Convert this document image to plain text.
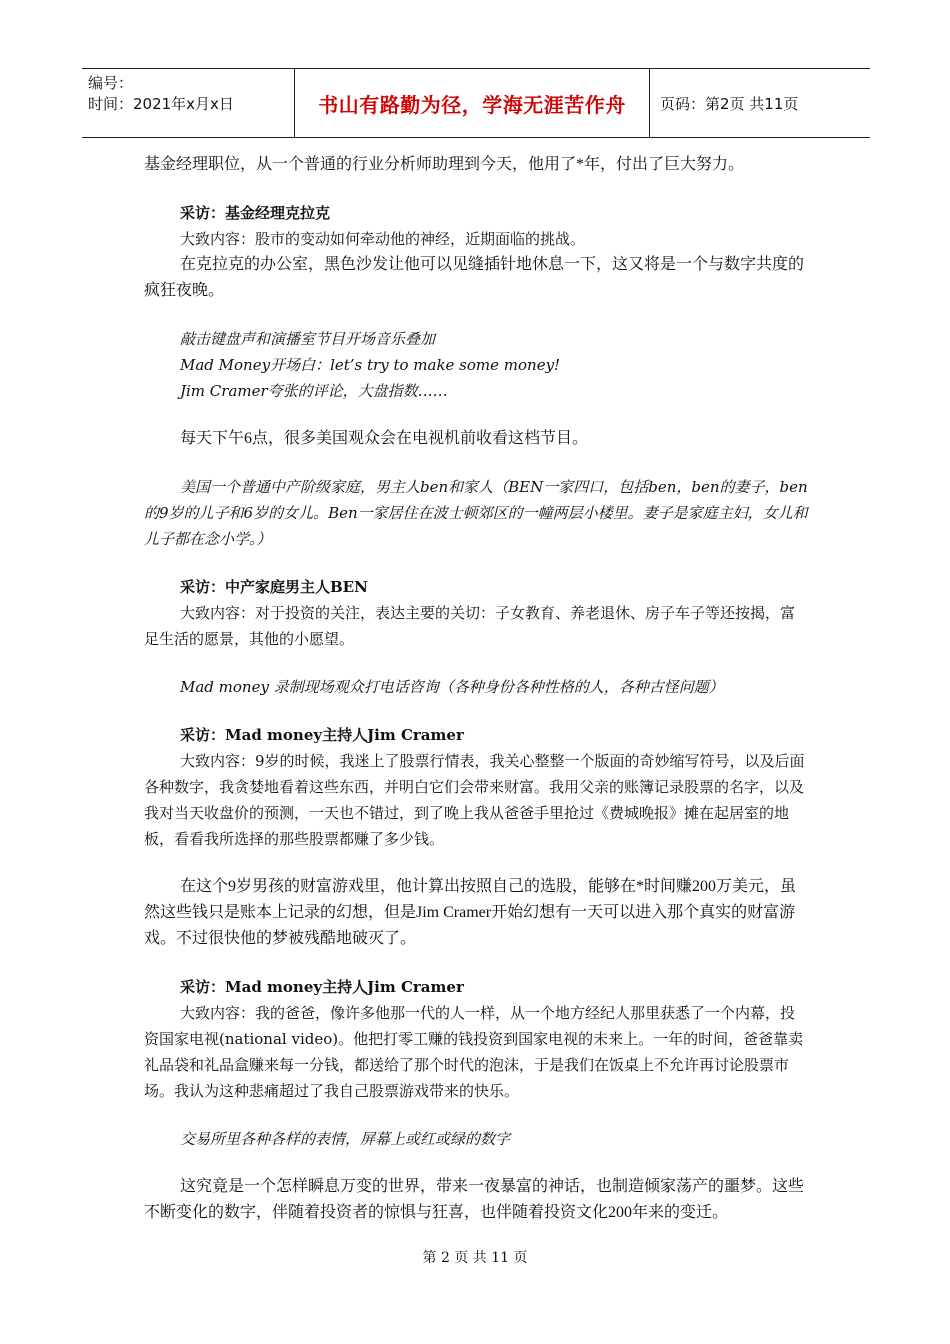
编号：
时间：2021年x月x日	书山有路勤为径，学海无涯苦作舟	页码：第2页 共11页

基金经理职位，从一个普通的行业分析师助理到今天，他用了*年，付出了巨大努力。

采访：基金经理克拉克

大致内容：股市的变动如何牵动他的神经，近期面临的挑战。

在克拉克的办公室，黑色沙发让他可以见缝插针地休息一下，这又将是一个与数字共度的疯狂夜晚。

敲击键盘声和演播室节目开场音乐叠加

Mad Money开场白：let’s try to make some money!

Jim Cramer夸张的评论，大盘指数……

每天下午6点，很多美国观众会在电视机前收看这档节目。

美国一个普通中产阶级家庭，男主人ben和家人（BEN一家四口，包括ben，ben的妻子，ben的9岁的儿子和6岁的女儿。Ben一家居住在波士顿郊区的一幢两层小楼里。妻子是家庭主妇，女儿和儿子都在念小学。）

采访：中产家庭男主人BEN

大致内容：对于投资的关注，表达主要的关切：子女教育、养老退休、房子车子等还按揭，富足生活的愿景，其他的小愿望。

Mad money 录制现场观众打电话咨询（各种身份各种性格的人，各种古怪问题）

采访：Mad money主持人Jim Cramer

大致内容：9岁的时候，我迷上了股票行情表，我关心整整一个版面的奇妙缩写符号，以及后面各种数字，我贪婪地看着这些东西，并明白它们会带来财富。我用父亲的账簿记录股票的名字，以及我对当天收盘价的预测，一天也不错过，到了晚上我从爸爸手里抢过《费城晚报》摊在起居室的地板，看看我所选择的那些股票都赚了多少钱。

在这个9岁男孩的财富游戏里，他计算出按照自己的选股，能够在*时间赚200万美元，虽然这些钱只是账本上记录的幻想，但是Jim Cramer开始幻想有一天可以进入那个真实的财富游戏。不过很快他的梦被残酷地破灭了。

采访：Mad money主持人Jim Cramer

大致内容：我的爸爸，像许多他那一代的人一样，从一个地方经纪人那里获悉了一个内幕，投资国家电视(national video)。他把打零工赚的钱投资到国家电视的未来上。一年的时间，爸爸靠卖礼品袋和礼品盒赚来每一分钱，都送给了那个时代的泡沫，于是我们在饭桌上不允许再讨论股票市场。我认为这种悲痛超过了我自己股票游戏带来的快乐。

交易所里各种各样的表情，屏幕上或红或绿的数字

这究竟是一个怎样瞬息万变的世界，带来一夜暴富的神话，也制造倾家荡产的噩梦。这些不断变化的数字，伴随着投资者的惊惧与狂喜，也伴随着投资文化200年来的变迁。

第 2 页 共 11 页
